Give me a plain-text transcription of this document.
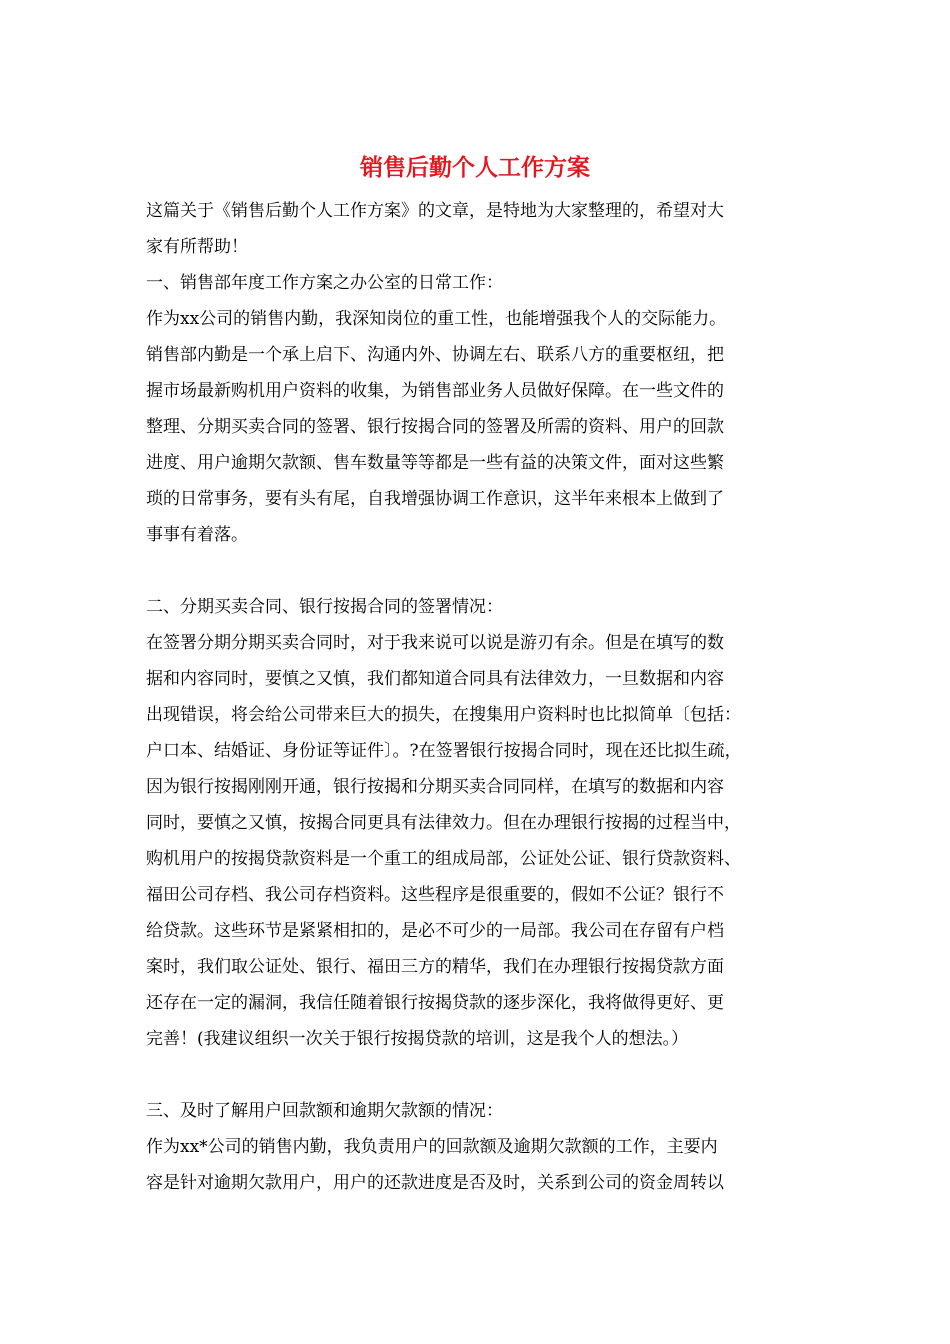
销售后勤个人工作方案
这篇关于《销售后勤个人工作方案》的文章，是特地为大家整理的，希望对大
家有所帮助！
一、销售部年度工作方案之办公室的日常工作：
作为xx公司的销售内勤，我深知岗位的重工性，也能增强我个人的交际能力。
销售部内勤是一个承上启下、沟通内外、协调左右、联系八方的重要枢纽，把
握市场最新购机用户资料的收集，为销售部业务人员做好保障。在一些文件的
整理、分期买卖合同的签署、银行按揭合同的签署及所需的资料、用户的回款
进度、用户逾期欠款额、售车数量等等都是一些有益的决策文件，面对这些繁
琐的日常事务，要有头有尾，自我增强协调工作意识，这半年来根本上做到了
事事有着落。
二、分期买卖合同、银行按揭合同的签署情况：
在签署分期分期买卖合同时，对于我来说可以说是游刃有余。但是在填写的数
据和内容同时，要慎之又慎，我们都知道合同具有法律效力，一旦数据和内容
出现错误，将会给公司带来巨大的损失，在搜集用户资料时也比拟简单〔包括：
户口本、结婚证、身份证等证件〕。?在签署银行按揭合同时，现在还比拟生疏，
因为银行按揭刚刚开通，银行按揭和分期买卖合同同样，在填写的数据和内容
同时，要慎之又慎，按揭合同更具有法律效力。但在办理银行按揭的过程当中，
购机用户的按揭贷款资料是一个重工的组成局部，公证处公证、银行贷款资料、
福田公司存档、我公司存档资料。这些程序是很重要的，假如不公证？银行不
给贷款。这些环节是紧紧相扣的，是必不可少的一局部。我公司在存留有户档
案时，我们取公证处、银行、福田三方的精华，我们在办理银行按揭贷款方面
还存在一定的漏洞，我信任随着银行按揭贷款的逐步深化，我将做得更好、更
完善！(我建议组织一次关于银行按揭贷款的培训，这是我个人的想法。）
三、及时了解用户回款额和逾期欠款额的情况：
作为xx*公司的销售内勤，我负责用户的回款额及逾期欠款额的工作，主要内
容是针对逾期欠款用户，用户的还款进度是否及时，关系到公司的资金周转以
